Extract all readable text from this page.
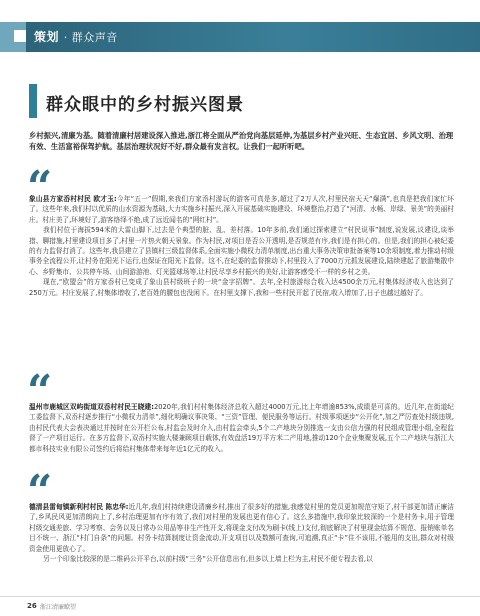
策划 · 群众声音
群众眼中的乡村振兴图景
乡村振兴,清廉为基。随着清廉村居建设深入推进,浙江将全面从严治党向基层延伸,为基层乡村产业兴旺、生态宜居、乡风文明、治理有效、生活富裕保驾护航。基层治理状况好不好,群众最有发言权。让我们一起听听吧。
“

象山县方家岙村村民 欧才玉:今年“五一”假期,来我们方家岙村游玩的游客可真是多,超过了2万人次,村里民宿天天“爆满”,也真是把我们家忙坏了。这些年来,我们村以优质的山水资源为基础,大力实施乡村振兴,深入开展基础实施建设、环境整治,打造了“河清、水畅、岸绿、景美”的美丽村庄。村庄美了,环境好了,游客络绎不绝,成了远近闻名的“网红村”。

我们村位于海拔594米的大雷山脚下,过去是个典型的脏、乱、差村落。10年多前,我们通过探索建立“村民说事”制度,说发展,议建设,谈举措、聊措施,村里建设项目多了,村里一片热火朝天景象。作为村民,对项目是否公开透明,是否规范有序,我们是有担心的。但是,我们的担心被纪委的有力监督打消了。这些年,我县建立了县镇村三级监督体系,全面实施小微权力清单制度,出台重大事务决策审批备案等10余项制度,着力推动村级事务全流程公开,让村务在阳光下运行,也保证在阳光下监督。这不,在纪委的监督推动下,村里投入了7000万元抓发展建设,陆续建起了旅游集散中心、乡野集市、公共停车场、山间游游池、灯光篮球场等,让村民尽享乡村振兴的美好,让游客感受不一样的乡村之美。

现在,“欧盟会”的方家岙村已变成了象山县村级班子的一块“金字招牌”。去年,全村旅游综合收入达4500余万元,村集体经济收入也达到了250万元。村庄发展了,村集体增收了,老百姓的腰包也没闲下。在村里支撑下,我和一些村民开起了民宿,收入增加了,日子也越过越好了。

“

温州市鹿城区双屿街道双岙村村民王晓建:2020年,我们村村集体经济总收入超过4000万元,比上年增逾853%,成绩是可喜的。近几年,在街道纪工委监督下,双岙村逐步推行“小微权力清单”,细化明确议事决策、“三资”管理、便民服务等运行。村级事项逐步“公开化”,加之严厉查处村级违规,由村民代表大会表决通过并按时在公开栏公布,村监会及时介入,由村监会牵头,5个二产地块分别推选一支由公信力强的村民组成管理小组,全程监督了一产项目运行。在多方监督下,双岙村实施大楼兼顾项目载体,有效盘活19万平方米二产用地,推动120个企业集聚发展,五个二产地块与浙江大都市科技实业有限公司签约后将给村集体带来每年近1亿元的收入。

“

德清县雷甸镇新利村村民 陈忠华:近几年,我们村持续建设清廉乡村,推出了很多好的措施,我感觉村里的党员更加规范守矩了,村干部更加清正廉洁了,乡风民风更加清朗向上了,乡村治理更加有序有效了,我们对村里的发展也更有信心了。这么多措施中,我印象比较深的一个是村务卡,用于管理村级交通差旅、学习考察、会务以及日常办公用品等非生产性开支,将现金支付改为刷卡(线上)支付,彻底解决了村里现金结算不规范、报销账单名目不统一、浙江“村门自条”的问题。村务卡结算制度让资金流动,开支项目以及数额可查询,可追溯,真正“卡”住不该用,不能用的支出,群众对村级资金使用更放心了。

另一个印象比较深的是二维码公开平台,以前村级“三务”公开信息出有,但多以上墙上栏为主,村民不便专程去看,以

26 浙江清廉瞭望
